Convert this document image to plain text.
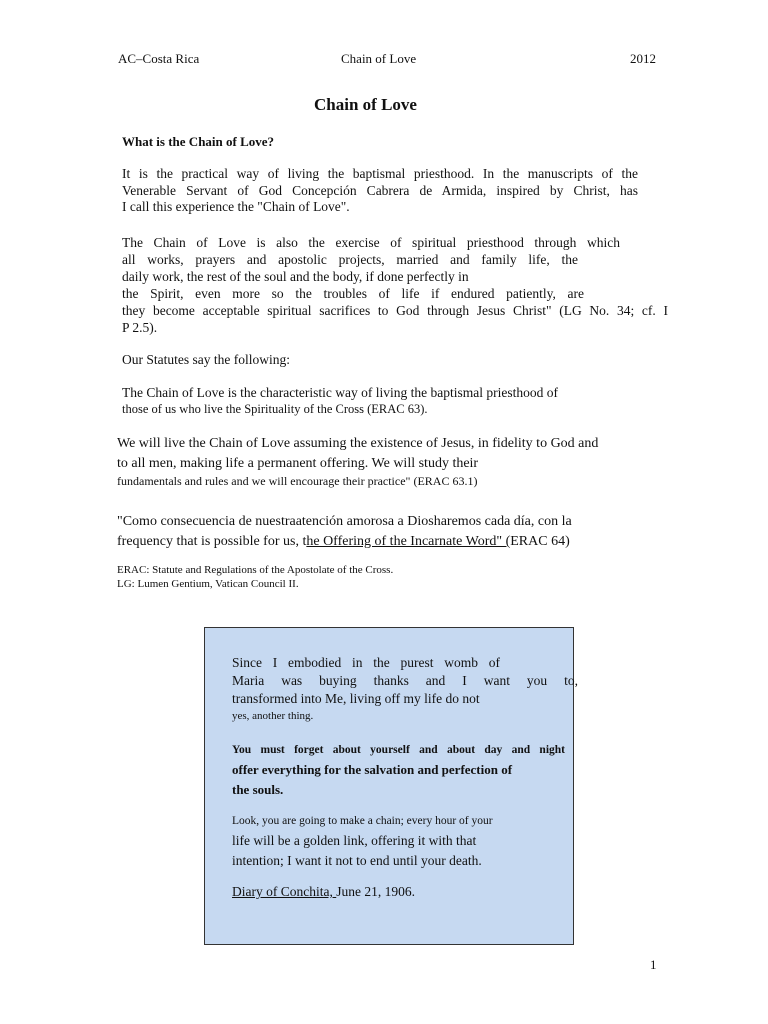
AC–Costa Rica	Chain of Love	2012
Chain of Love
What is the Chain of Love?
It is the practical way of living the baptismal priesthood. In the manuscripts of the
Venerable Servant of God Concepción Cabrera de Armida, inspired by Christ, has
I call this experience the "Chain of Love".
The Chain of Love is also the exercise of spiritual priesthood through which
all works, prayers and apostolic projects, married and family life, the
daily work, the rest of the soul and the body, if done perfectly in
the Spirit, even more so the troubles of life if endured patiently, are
they become acceptable spiritual sacrifices to God through Jesus Christ" (LG No. 34; cf. I
P 2.5).
Our Statutes say the following:
The Chain of Love is the characteristic way of living the baptismal priesthood of
those of us who live the Spirituality of the Cross (ERAC 63).
We will live the Chain of Love assuming the existence of Jesus, in fidelity to God and
to all men, making life a permanent offering. We will study their
fundamentals and rules and we will encourage their practice" (ERAC 63.1)
"Como consecuencia de nuestraatención amorosa a Diosharemos cada día, con la
frequency that is possible for us, the Offering of the Incarnate Word" (ERAC 64)
ERAC: Statute and Regulations of the Apostolate of the Cross.
LG: Lumen Gentium, Vatican Council II.
Since I embodied in the purest womb of
Maria was buying thanks and I want you to,
transformed into Me, living off my life do not
yes, another thing.
You must forget about yourself and about day and night
offer everything for the salvation and perfection of
the souls.
Look, you are going to make a chain; every hour of your
life will be a golden link, offering it with that
intention; I want it not to end until your death.
Diary of Conchita, June 21, 1906.
1
